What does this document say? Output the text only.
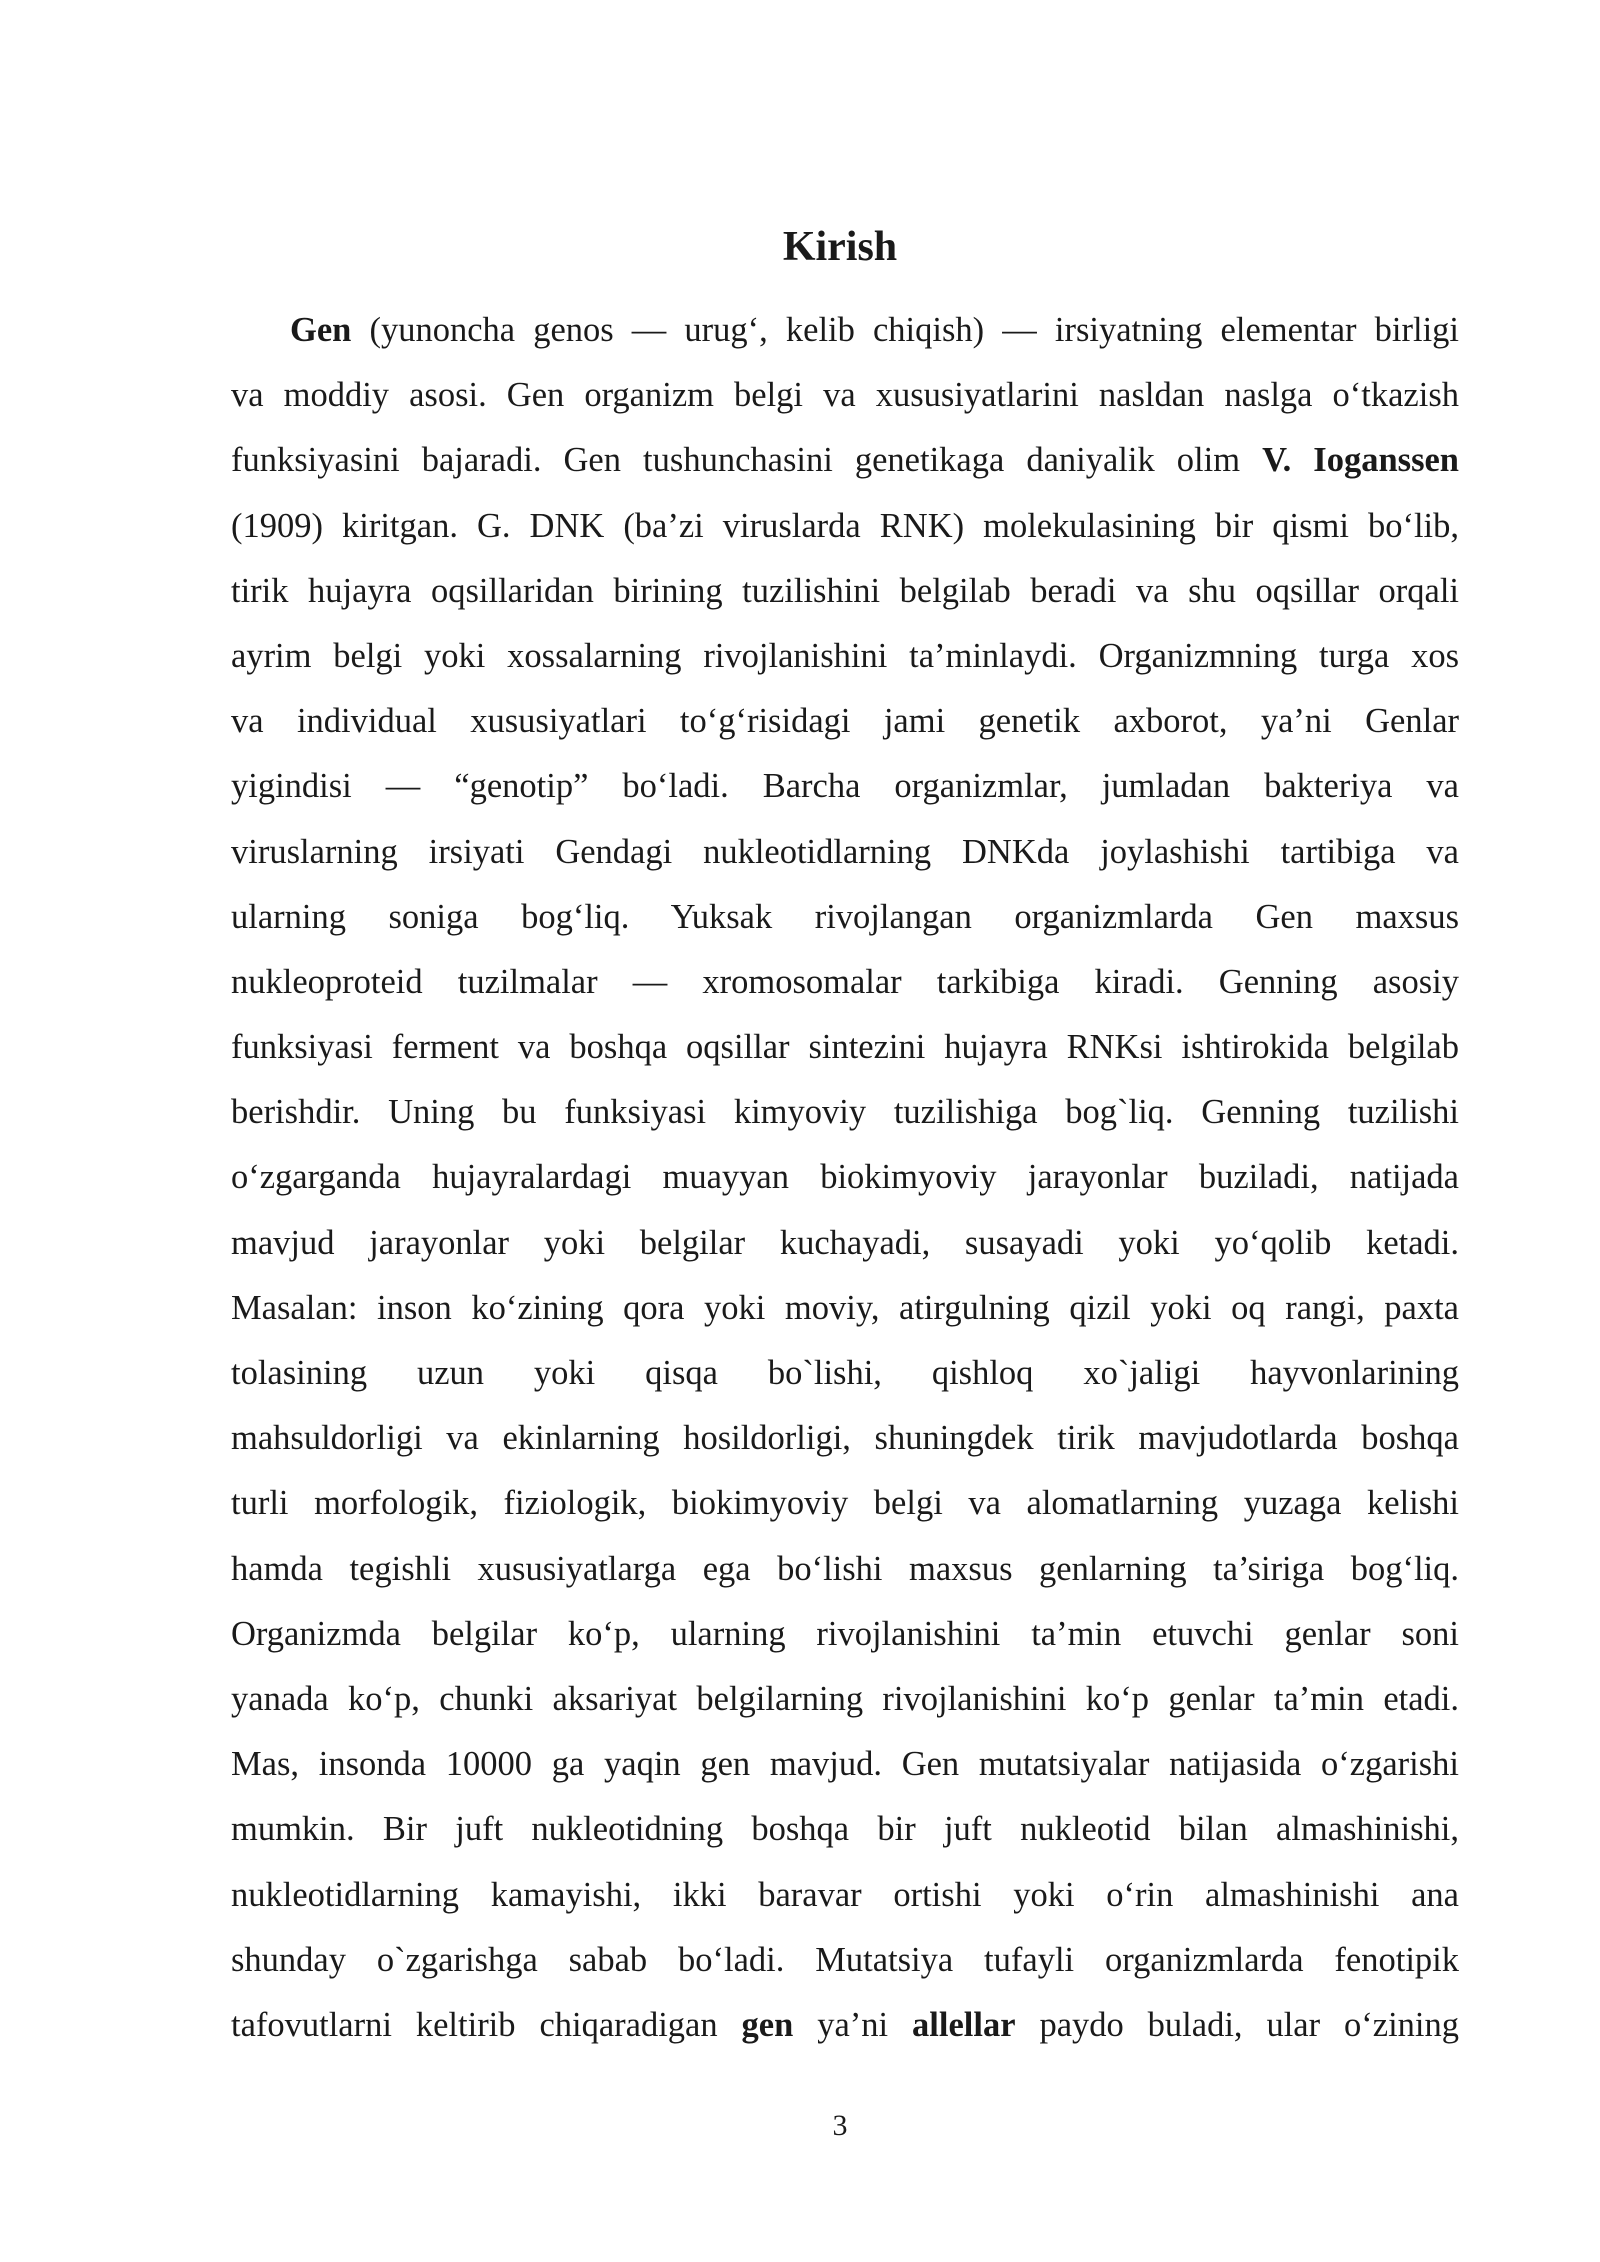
Kirish
Gen (yunoncha genos — urug‘, kelib chiqish) — irsiyatning elementar birligi
va moddiy asosi. Gen organizm belgi va xususiyatlarini nasldan naslga o‘tkazish
funksiyasini bajaradi. Gen tushunchasini genetikaga daniyalik olim V. Ioganssen
(1909) kiritgan. G. DNK (ba’zi viruslarda RNK) molekulasining bir qismi bo‘lib,
tirik hujayra oqsillaridan birining tuzilishini belgilab beradi va shu oqsillar orqali
ayrim belgi yoki xossalarning rivojlanishini ta’minlaydi. Organizmning turga xos
va individual xususiyatlari to‘g‘risidagi jami genetik axborot, ya’ni Genlar
yigindisi — “genotip” bo‘ladi. Barcha organizmlar, jumladan bakteriya va
viruslarning irsiyati Gendagi nukleotidlarning DNKda joylashishi tartibiga va
ularning soniga bog‘liq. Yuksak rivojlangan organizmlarda Gen maxsus
nukleoproteid tuzilmalar — xromosomalar tarkibiga kiradi. Genning asosiy
funksiyasi ferment va boshqa oqsillar sintezini hujayra RNKsi ishtirokida belgilab
berishdir. Uning bu funksiyasi kimyoviy tuzilishiga bog`liq. Genning tuzilishi
o‘zgarganda hujayralardagi muayyan biokimyoviy jarayonlar buziladi, natijada
mavjud jarayonlar yoki belgilar kuchayadi, susayadi yoki yo‘qolib ketadi.
Masalan: inson ko‘zining qora yoki moviy, atirgulning qizil yoki oq rangi, paxta
tolasining uzun yoki qisqa bo`lishi, qishloq xo`jaligi hayvonlarining
mahsuldorligi va ekinlarning hosildorligi, shuningdek tirik mavjudotlarda boshqa
turli morfologik, fiziologik, biokimyoviy belgi va alomatlarning yuzaga kelishi
hamda tegishli xususiyatlarga ega bo‘lishi maxsus genlarning ta’siriga bog‘liq.
Organizmda belgilar ko‘p, ularning rivojlanishini ta’min etuvchi genlar soni
yanada ko‘p, chunki aksariyat belgilarning rivojlanishini ko‘p genlar ta’min etadi.
Mas, insonda 10000 ga yaqin gen mavjud. Gen mutatsiyalar natijasida o‘zgarishi
mumkin. Bir juft nukleotidning boshqa bir juft nukleotid bilan almashinishi,
nukleotidlarning kamayishi, ikki baravar ortishi yoki o‘rin almashinishi ana
shunday o`zgarishga sabab bo‘ladi. Mutatsiya tufayli organizmlarda fenotipik
tafovutlarni keltirib chiqaradigan gen ya’ni allellar paydo buladi, ular o‘zining
3
